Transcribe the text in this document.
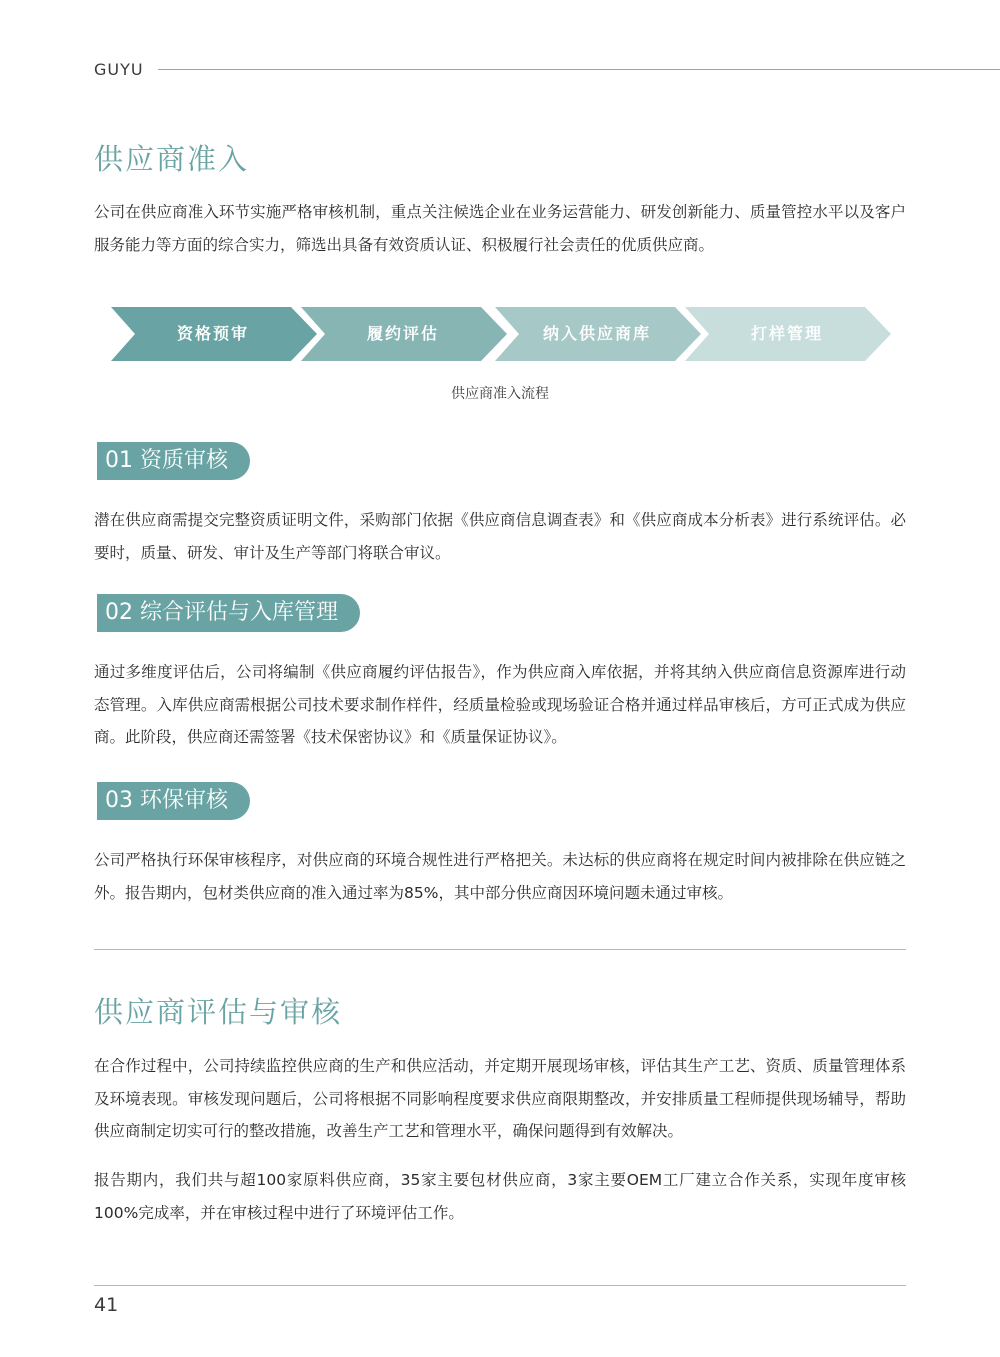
GUYU
供应商准入

公司在供应商准入环节实施严格审核机制，重点关注候选企业在业务运营能力、研发创新能力、质量管控水平以及客户服务能力等方面的综合实力，筛选出具备有效资质认证、积极履行社会责任的优质供应商。

资格预审	履约评估	纳入供应商库	打样管理
供应商准入流程
01 资质审核

潜在供应商需提交完整资质证明文件，采购部门依据《供应商信息调查表》和《供应商成本分析表》进行系统评估。必要时，质量、研发、审计及生产等部门将联合审议。

02 综合评估与入库管理

通过多维度评估后，公司将编制《供应商履约评估报告》，作为供应商入库依据，并将其纳入供应商信息资源库进行动态管理。入库供应商需根据公司技术要求制作样件，经质量检验或现场验证合格并通过样品审核后，方可正式成为供应商。此阶段，供应商还需签署《技术保密协议》和《质量保证协议》。

03 环保审核

公司严格执行环保审核程序，对供应商的环境合规性进行严格把关。未达标的供应商将在规定时间内被排除在供应链之外。报告期内，包材类供应商的准入通过率为85%，其中部分供应商因环境问题未通过审核。

供应商评估与审核

在合作过程中，公司持续监控供应商的生产和供应活动，并定期开展现场审核，评估其生产工艺、资质、质量管理体系及环境表现。审核发现问题后，公司将根据不同影响程度要求供应商限期整改，并安排质量工程师提供现场辅导，帮助供应商制定切实可行的整改措施，改善生产工艺和管理水平，确保问题得到有效解决。

报告期内，我们共与超100家原料供应商，35家主要包材供应商，3家主要OEM工厂建立合作关系，实现年度审核100%完成率，并在审核过程中进行了环境评估工作。

41
